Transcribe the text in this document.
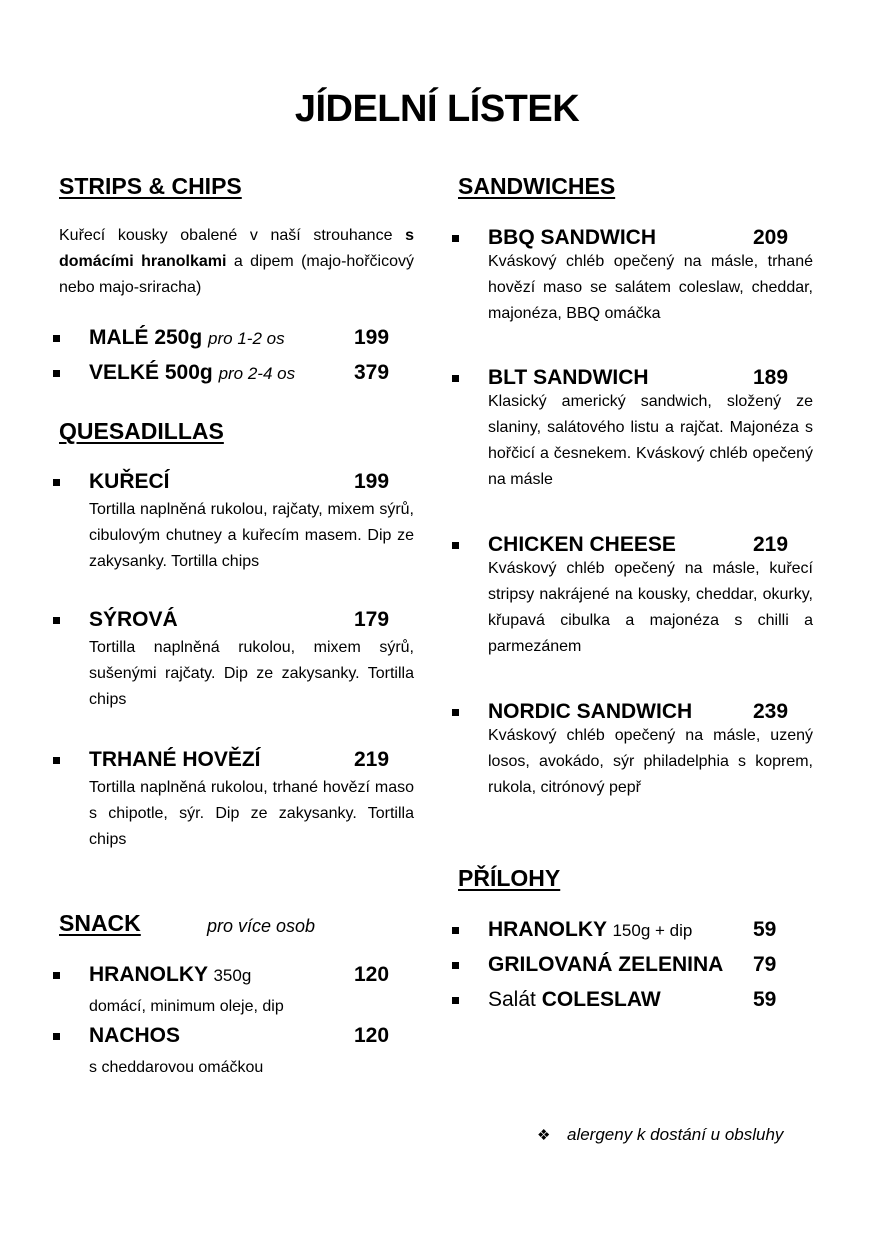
JÍDELNÍ LÍSTEK
STRIPS & CHIPS
Kuřecí kousky obalené v naší strouhance s domácími hranolkami a dipem (majo-hořčicový nebo majo-sriracha)
MALÉ 250g pro 1-2 os	199
VELKÉ 500g pro 2-4 os	379
QUESADILLAS
KUŘECÍ	199
Tortilla naplněná rukolou, rajčaty, mixem sýrů, cibulovým chutney a kuřecím masem. Dip ze zakysanky. Tortilla chips
SÝROVÁ	179
Tortilla naplněná rukolou, mixem sýrů, sušenými rajčaty. Dip ze zakysanky. Tortilla chips
TRHANÉ HOVĚZÍ	219
Tortilla naplněná rukolou, trhané hovězí maso s chipotle, sýr. Dip ze zakysanky. Tortilla chips
SNACK	pro více osob
HRANOLKY 350g	120
domácí, minimum oleje, dip
NACHOS	120
s cheddarovou omáčkou
SANDWICHES
BBQ SANDWICH	209
Kváskový chléb opečený na másle, trhané hovězí maso se salátem coleslaw, cheddar, majonéza, BBQ omáčka
BLT SANDWICH	189
Klasický americký sandwich, složený ze slaniny, salátového listu a rajčat. Majonéza s hořčicí a česnekem. Kváskový chléb opečený na másle
CHICKEN CHEESE	219
Kváskový chléb opečený na másle, kuřecí stripsy nakrájené na kousky, cheddar, okurky, křupavá cibulka a majonéza s chilli a parmezánem
NORDIC SANDWICH	239
Kváskový chléb opečený na másle, uzený losos, avokádo, sýr philadelphia s koprem, rukola, citrónový pepř
PŘÍLOHY
HRANOLKY 150g + dip	59
GRILOVANÁ ZELENINA 79
Salát COLESLAW	59
❖ alergeny k dostání u obsluhy
